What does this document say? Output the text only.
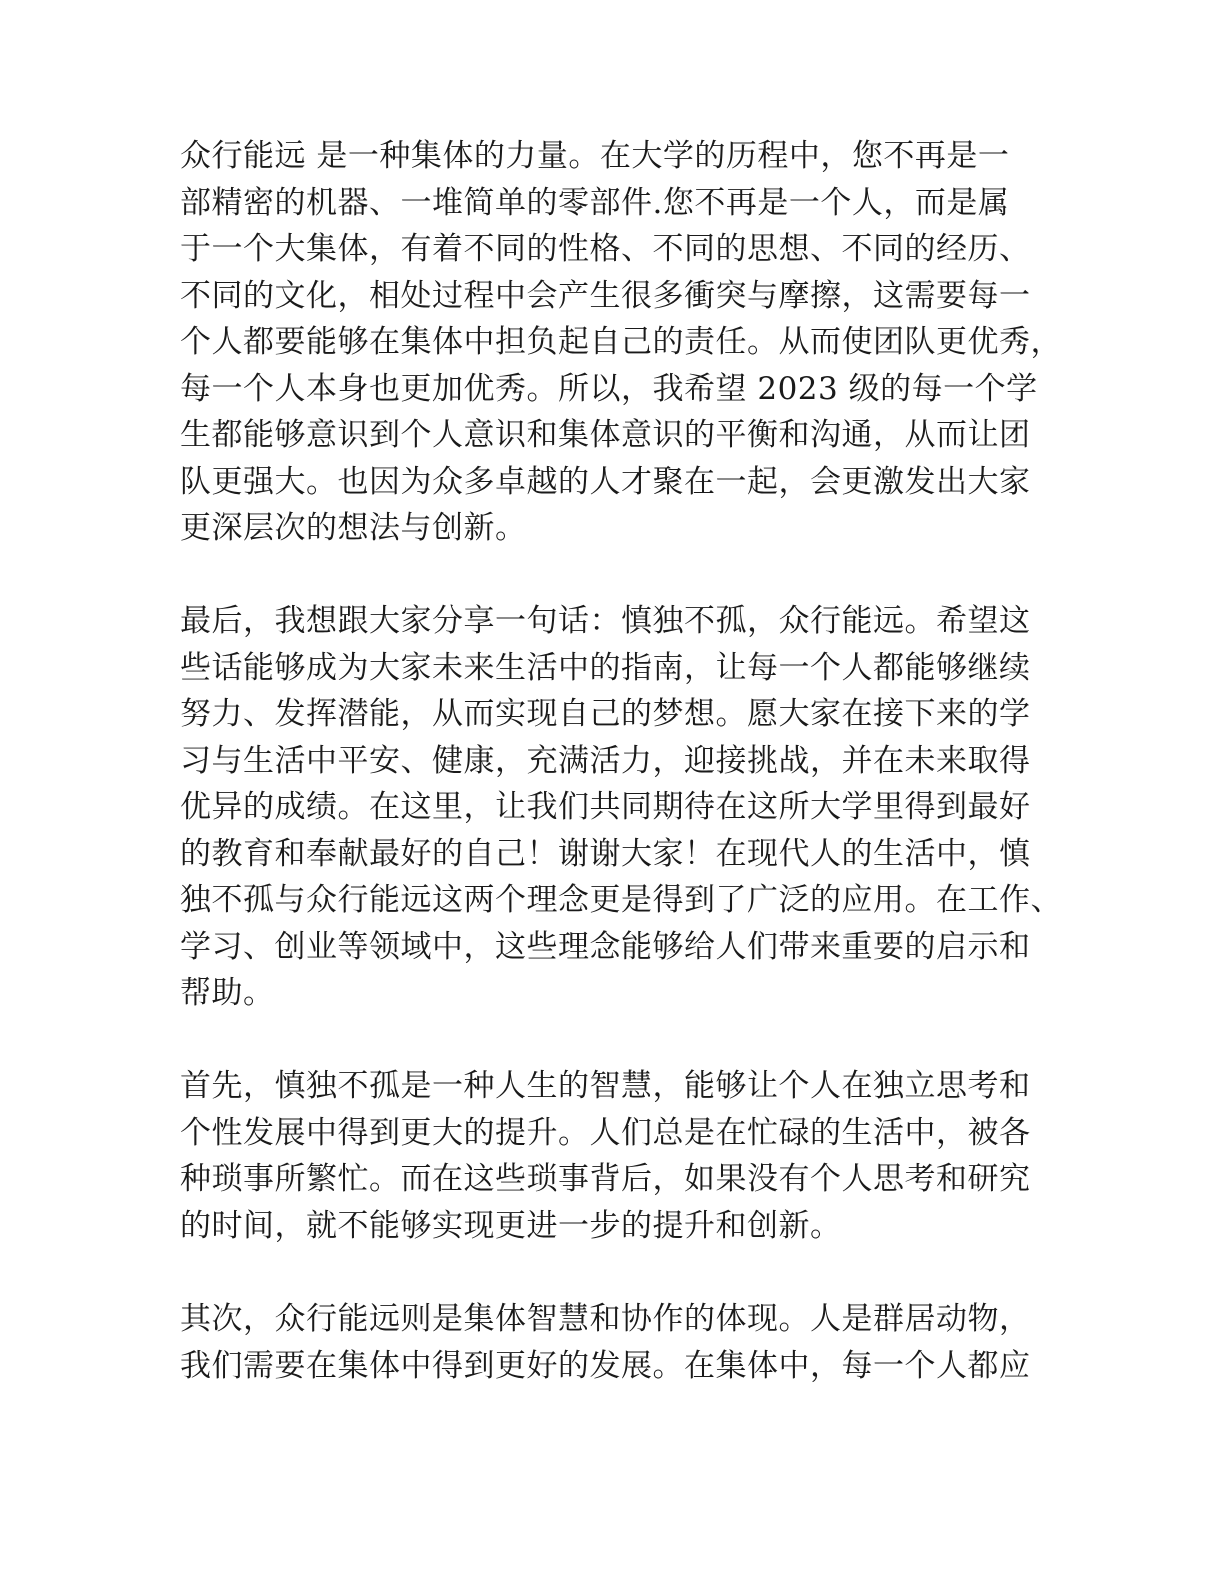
众行能远 是一种集体的力量。在大学的历程中，您不再是一
部精密的机器、一堆简单的零部件.您不再是一个人，而是属
于一个大集体，有着不同的性格、不同的思想、不同的经历、
不同的文化，相处过程中会产生很多衝突与摩擦，这需要每一
个人都要能够在集体中担负起自己的责任。从而使团队更优秀，
每一个人本身也更加优秀。所以，我希望 2023 级的每一个学
生都能够意识到个人意识和集体意识的平衡和沟通，从而让团
队更强大。也因为众多卓越的人才聚在一起，会更激发出大家
更深层次的想法与创新。
最后，我想跟大家分享一句话：慎独不孤，众行能远。希望这
些话能够成为大家未来生活中的指南，让每一个人都能够继续
努力、发挥潜能，从而实现自己的梦想。愿大家在接下来的学
习与生活中平安、健康，充满活力，迎接挑战，并在未来取得
优异的成绩。在这里，让我们共同期待在这所大学里得到最好
的教育和奉献最好的自己！谢谢大家！在现代人的生活中，慎
独不孤与众行能远这两个理念更是得到了广泛的应用。在工作、
学习、创业等领域中，这些理念能够给人们带来重要的启示和
帮助。
首先，慎独不孤是一种人生的智慧，能够让个人在独立思考和
个性发展中得到更大的提升。人们总是在忙碌的生活中，被各
种琐事所繁忙。而在这些琐事背后，如果没有个人思考和研究
的时间，就不能够实现更进一步的提升和创新。
其次，众行能远则是集体智慧和协作的体现。人是群居动物，
我们需要在集体中得到更好的发展。在集体中，每一个人都应
